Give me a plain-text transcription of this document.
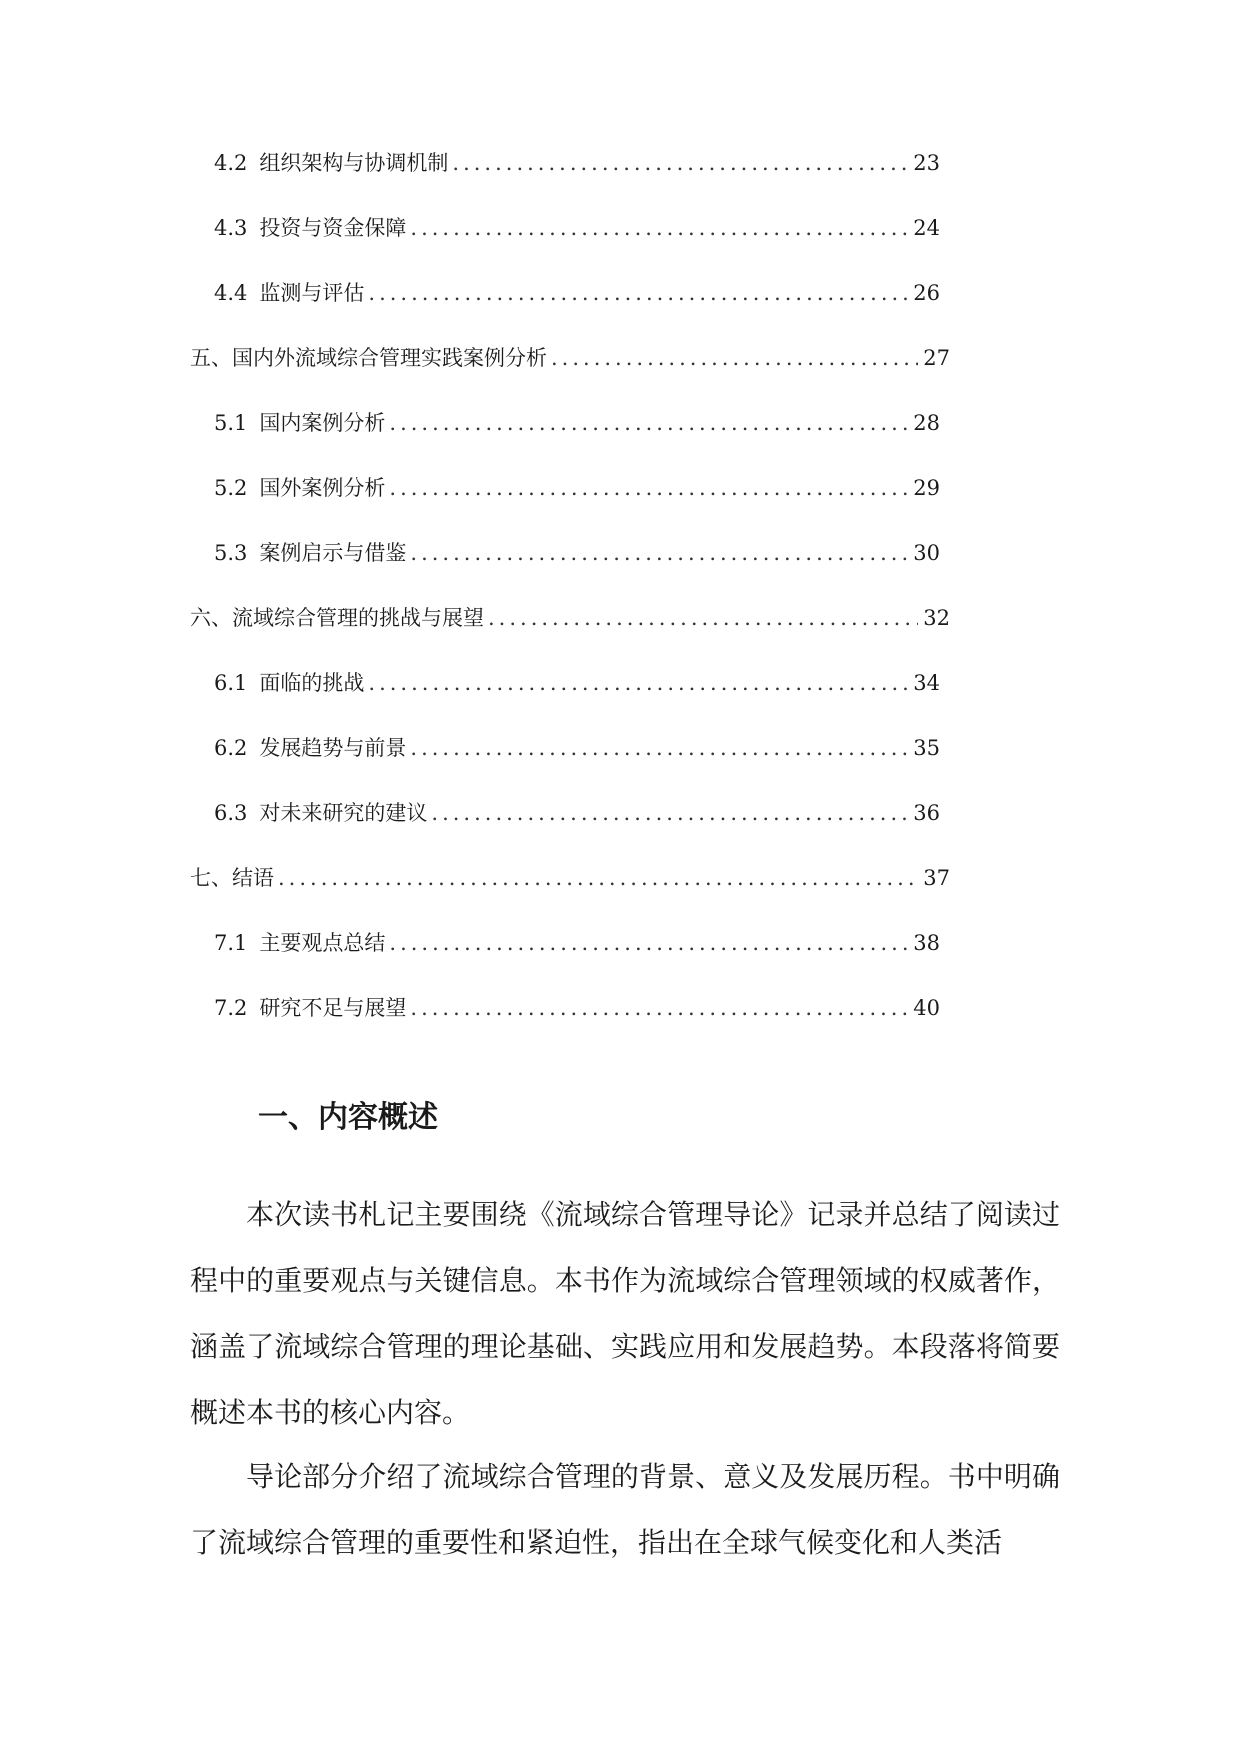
4.2 组织架构与协调机制 .....	23
4.3 投资与资金保障 .....	24
4.4 监测与评估 .....	26
五、国内外流域综合管理实践案例分析 .....	27
5.1 国内案例分析 .....	28
5.2 国外案例分析 .....	29
5.3 案例启示与借鉴 .....	30
六、流域综合管理的挑战与展望 .....	32
6.1 面临的挑战 .....	34
6.2 发展趋势与前景 .....	35
6.3 对未来研究的建议 .....	36
七、结语 .....	37
7.1 主要观点总结 .....	38
7.2 研究不足与展望 .....	40
一、内容概述

本次读书札记主要围绕《流域综合管理导论》记录并总结了阅读过程中的重要观点与关键信息。本书作为流域综合管理领域的权威著作，涵盖了流域综合管理的理论基础、实践应用和发展趋势。本段落将简要概述本书的核心内容。

导论部分介绍了流域综合管理的背景、意义及发展历程。书中明确了流域综合管理的重要性和紧迫性，指出在全球气候变化和人类活
